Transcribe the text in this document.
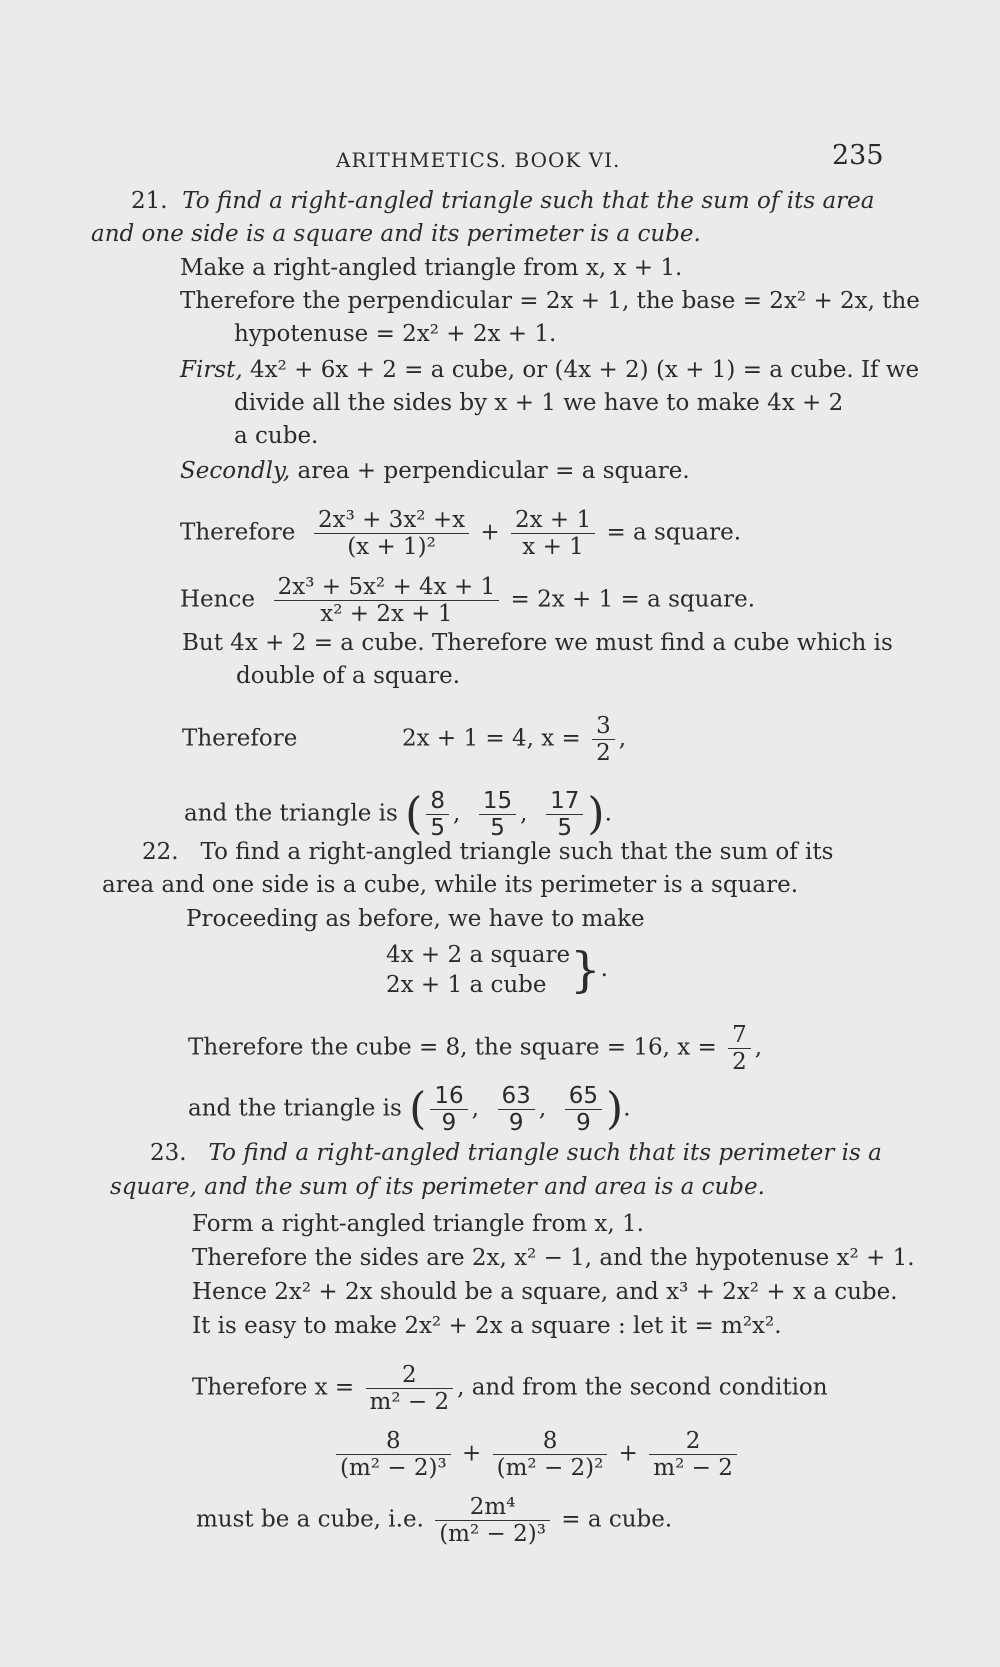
ARITHMETICS. BOOK VI.	235
21. To find a right-angled triangle such that the sum of its area
and one side is a square and its perimeter is a cube.
Make a right-angled triangle from x, x + 1.
Therefore the perpendicular = 2x + 1, the base = 2x² + 2x, the
hypotenuse = 2x² + 2x + 1.
First, 4x² + 6x + 2 = a cube, or (4x + 2) (x + 1) = a cube. If we
divide all the sides by x + 1 we have to make 4x + 2
a cube.
Secondly, area + perpendicular = a square.
Therefore $\frac{\text{2x³ + 3x² +x}}{\text{(x + 1)²}} + \frac{2x + 1}{x + 1} = a$ square.
Hence $\frac{\text{2x³ + 5x² + 4x + 1}}{\text{x² + 2x + 1}} = 2x + 1 = a$ square.
But 4x + 2 = a cube. Therefore we must find a cube which is
double of a square.
Therefore	2x + 1 = 4, $x = \frac{3}{2}$ ,
and the triangle is ( $\frac{8}{5}$ , $\frac{15}{5}$ , $\frac{17}{5}$ ).
22. To find a right-angled triangle such that the sum of its
area and one side is a cube, while its perimeter is a square.
Proceeding as before, we have to make
4x + 2 a square
2x + 1 a cube }.
Therefore the cube = 8, the square = 16, $x = \frac{7}{2}$ ,
and the triangle is ( $\frac{16}{9}$ , $\frac{63}{9}$ , $\frac{65}{9}$ ).
23. To find a right-angled triangle such that its perimeter is a
square, and the sum of its perimeter and area is a cube.
Form a right-angled triangle from x, 1.
Therefore the sides are 2x, x² − 1, and the hypotenuse x² + 1.
Hence 2x² + 2x should be a square, and x³ + 2x² + x a cube.
It is easy to make 2x² + 2x a square : let it = m²x².
Therefore $x = \frac{2}{\text{m² − 2}}$ , and from the second condition
$\frac{8}{\text{(m² − 2)³}} + \frac{8}{\text{(m² − 2)²}} + \frac{2}{\text{m² − 2}}$
must be a cube, i.e. $\frac{\text{2m⁴}}{\text{(m² − 2)³}} = a$ cube.
